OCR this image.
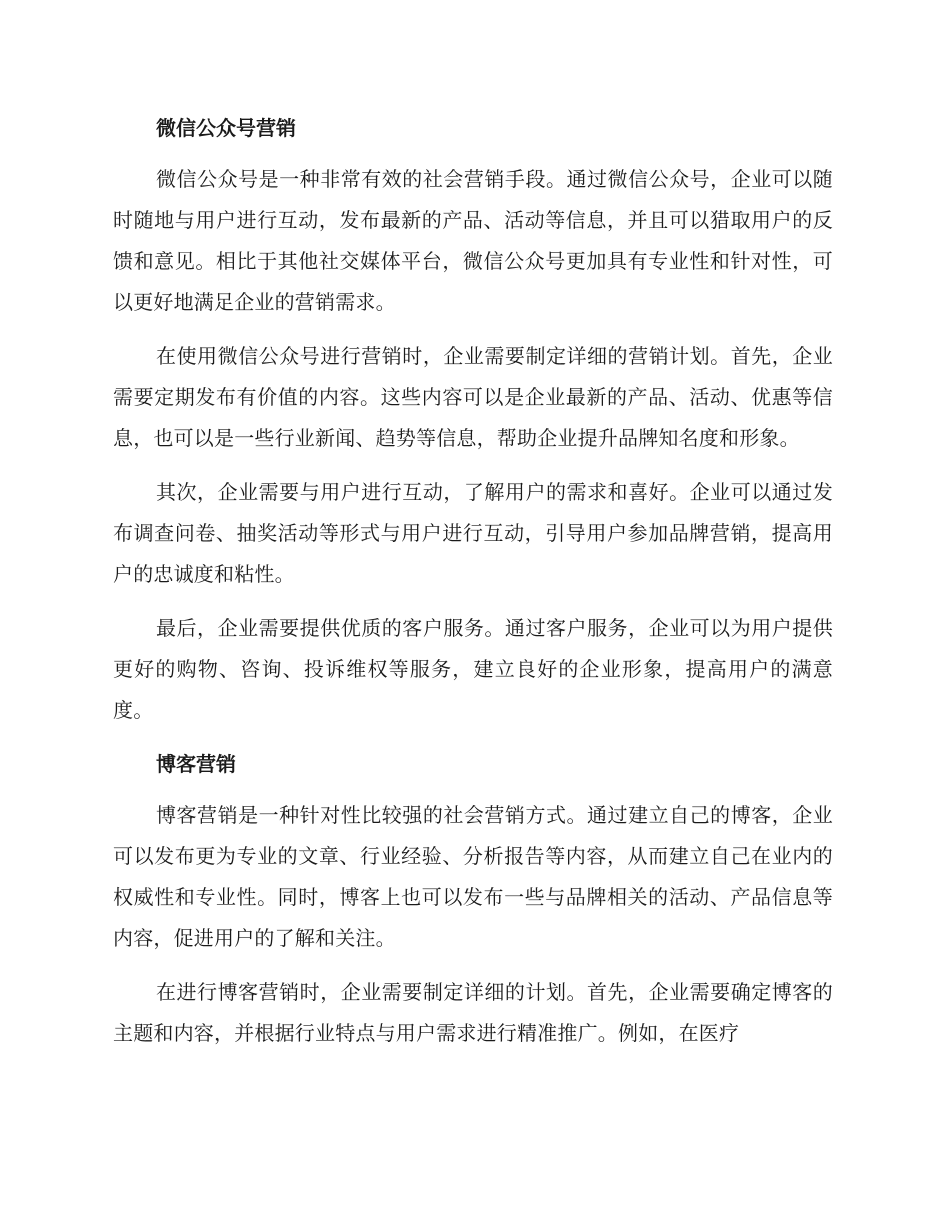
微信公众号营销

微信公众号是一种非常有效的社会营销手段。通过微信公众号，企业可以随时随地与用户进行互动，发布最新的产品、活动等信息，并且可以猎取用户的反馈和意见。相比于其他社交媒体平台，微信公众号更加具有专业性和针对性，可以更好地满足企业的营销需求。

在使用微信公众号进行营销时，企业需要制定详细的营销计划。首先，企业需要定期发布有价值的内容。这些内容可以是企业最新的产品、活动、优惠等信息，也可以是一些行业新闻、趋势等信息，帮助企业提升品牌知名度和形象。

其次，企业需要与用户进行互动，了解用户的需求和喜好。企业可以通过发布调查问卷、抽奖活动等形式与用户进行互动，引导用户参加品牌营销，提高用户的忠诚度和粘性。

最后，企业需要提供优质的客户服务。通过客户服务，企业可以为用户提供更好的购物、咨询、投诉维权等服务，建立良好的企业形象，提高用户的满意度。

博客营销

博客营销是一种针对性比较强的社会营销方式。通过建立自己的博客，企业可以发布更为专业的文章、行业经验、分析报告等内容，从而建立自己在业内的权威性和专业性。同时，博客上也可以发布一些与品牌相关的活动、产品信息等内容，促进用户的了解和关注。

在进行博客营销时，企业需要制定详细的计划。首先，企业需要确定博客的主题和内容，并根据行业特点与用户需求进行精准推广。例如，在医疗
